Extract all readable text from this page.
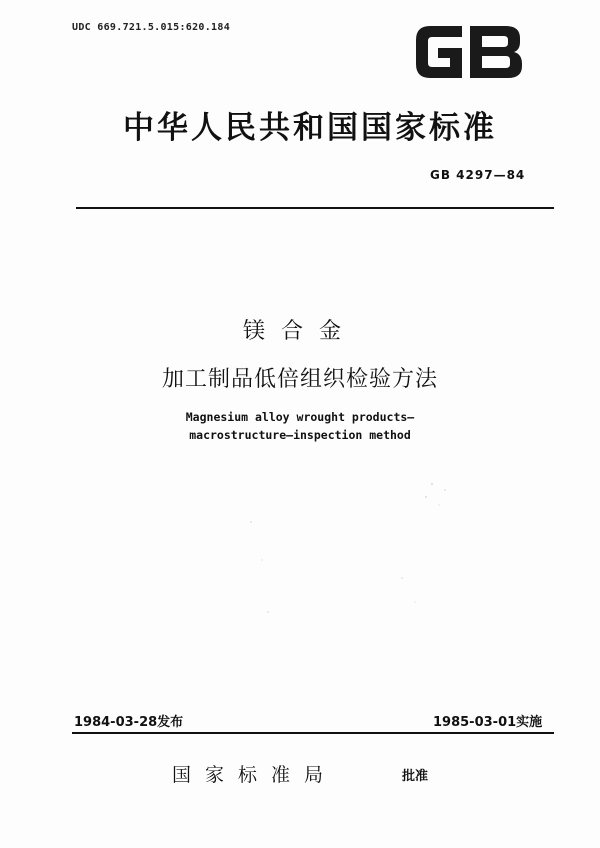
UDC 669.721.5.015:620.184
中华人民共和国国家标准
GB 4297—84
镁合金
加工制品低倍组织检验方法
Magnesium alloy wrought products—
macrostructure—inspection method
1984-03-28发布	1985-03-01实施
国家标准局	批准
